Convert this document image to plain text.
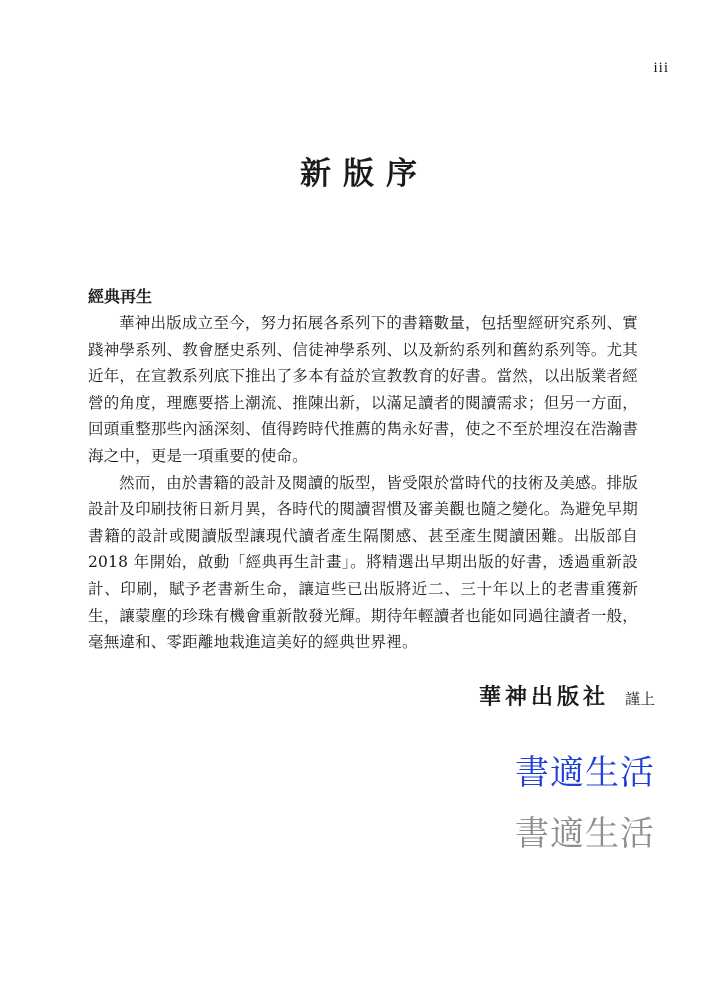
iii
新版序
經典再生

華神出版成立至今，努力拓展各系列下的書籍數量，包括聖經研究系列、實踐神學系列、教會歷史系列、信徒神學系列、以及新約系列和舊約系列等。尤其近年，在宣教系列底下推出了多本有益於宣教教育的好書。當然，以出版業者經營的角度，理應要搭上潮流、推陳出新，以滿足讀者的閱讀需求；但另一方面，回頭重整那些內涵深刻、值得跨時代推薦的雋永好書，使之不至於埋沒在浩瀚書海之中，更是一項重要的使命。

然而，由於書籍的設計及閱讀的版型，皆受限於當時代的技術及美感。排版設計及印刷技術日新月異，各時代的閱讀習慣及審美觀也隨之變化。為避免早期書籍的設計或閱讀版型讓現代讀者產生隔閡感、甚至產生閱讀困難。出版部自 2018 年開始，啟動「經典再生計畫」。將精選出早期出版的好書，透過重新設計、印刷，賦予老書新生命，讓這些已出版將近二、三十年以上的老書重獲新生，讓蒙塵的珍珠有機會重新散發光輝。期待年輕讀者也能如同過往讀者一般，毫無違和、零距離地栽進這美好的經典世界裡。

華神出版社 謹上
書適生活
書適生活
